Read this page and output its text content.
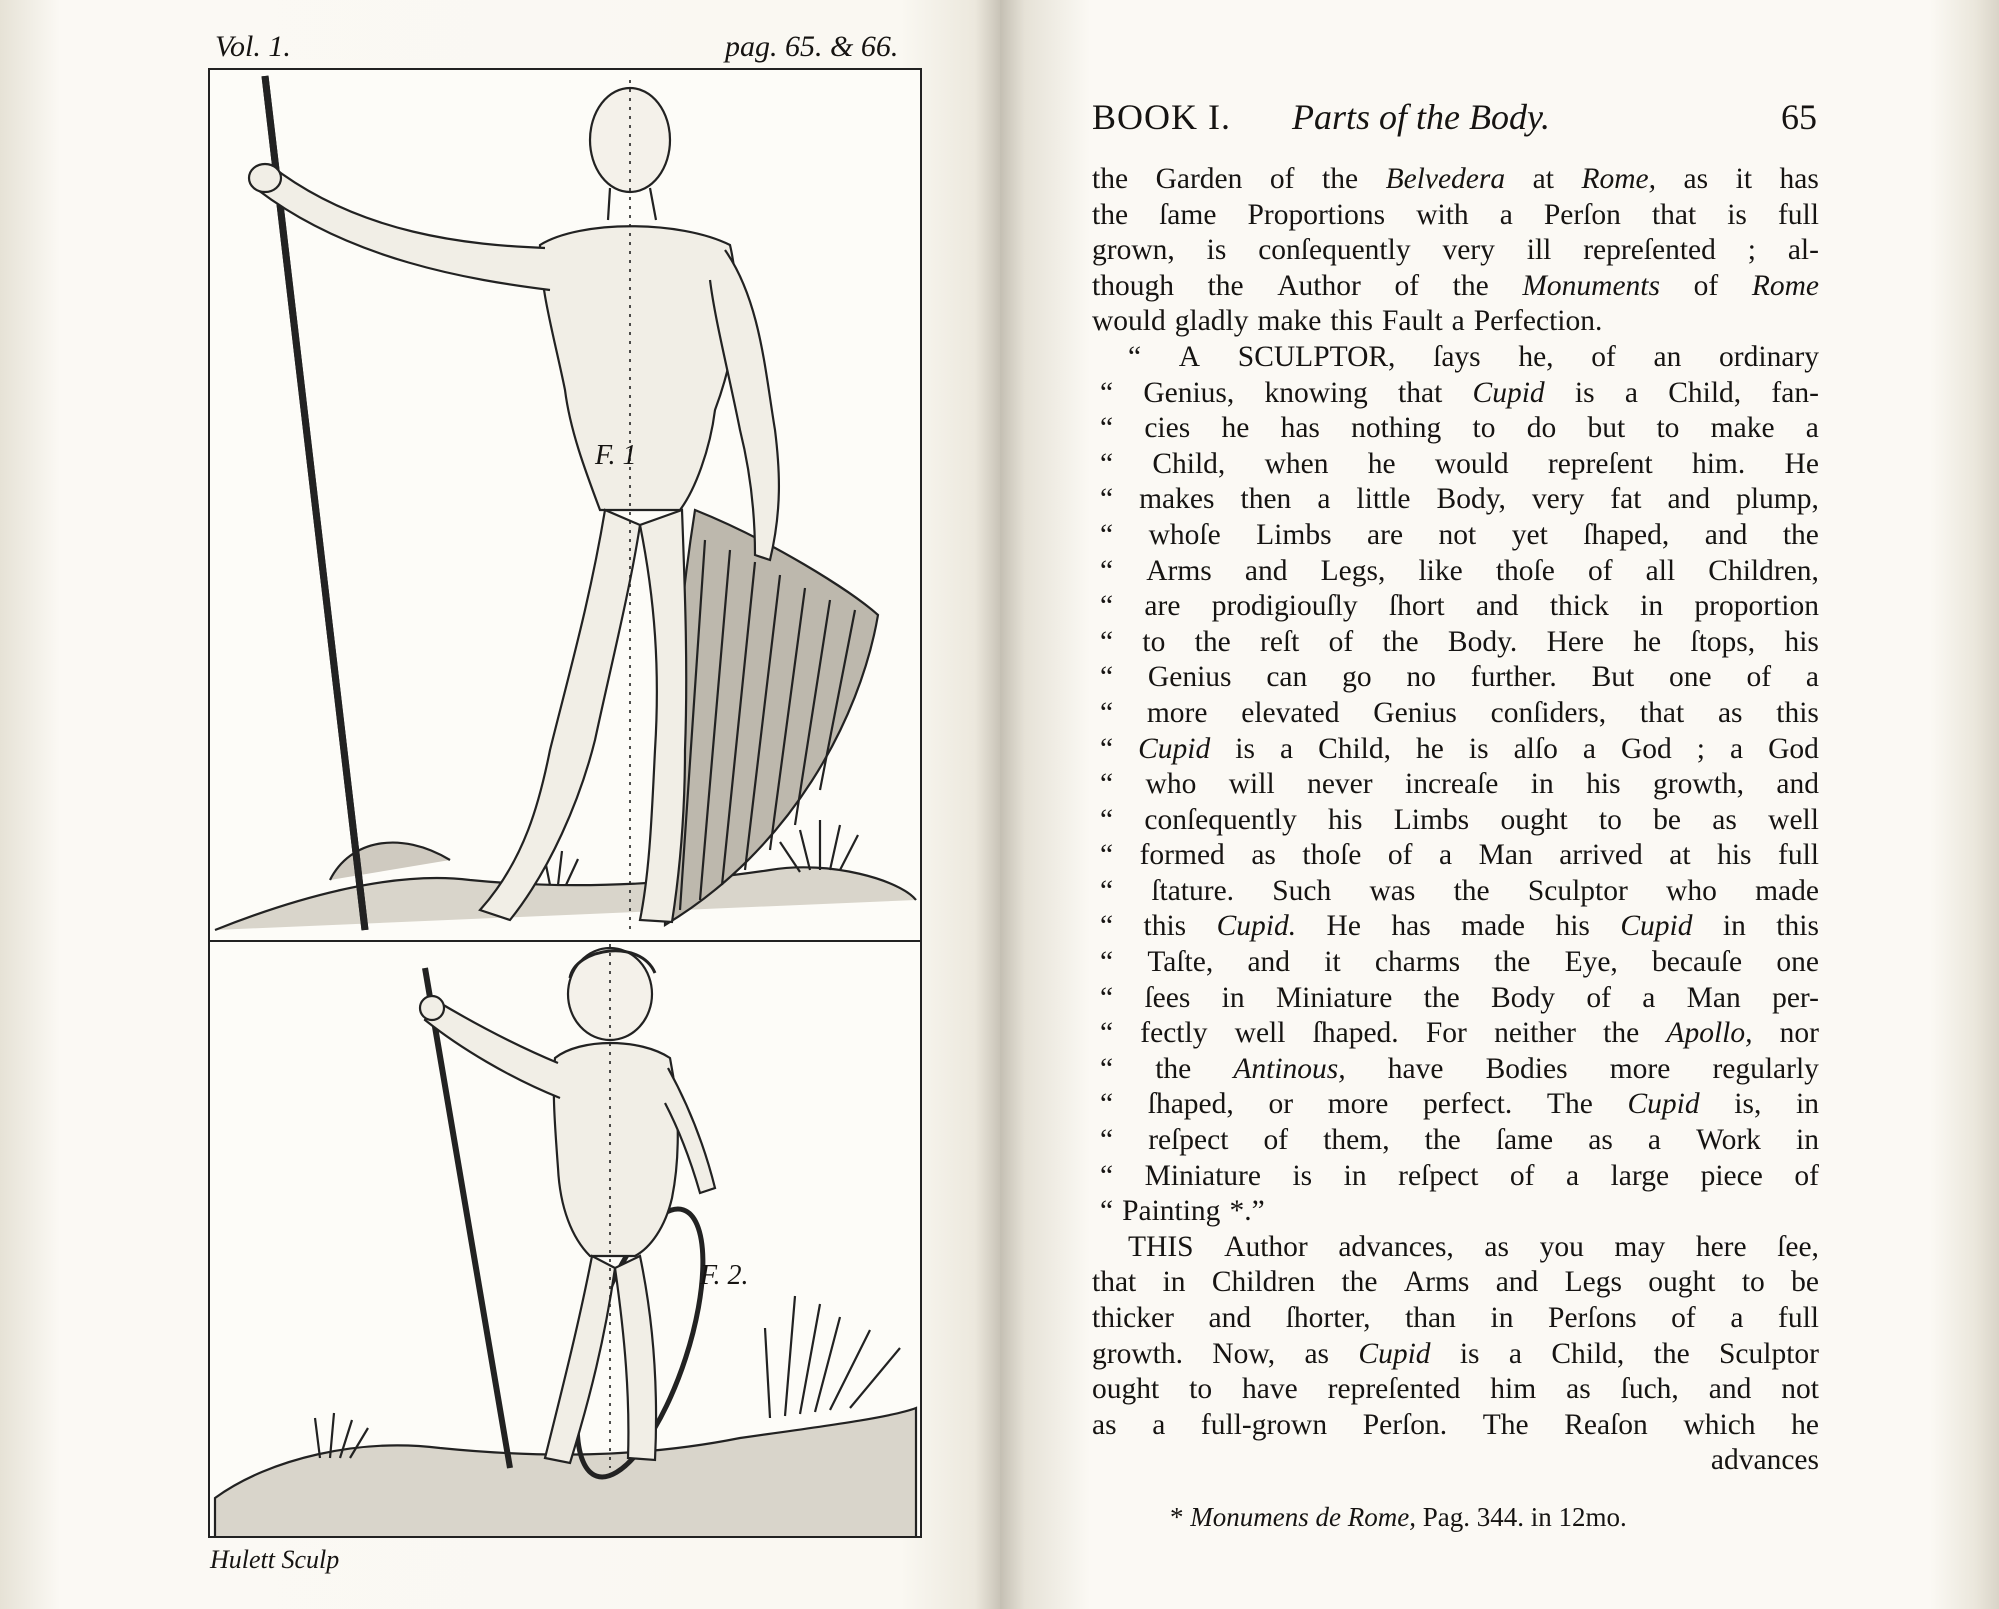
Vol. 1.	pag. 65. & 66.
F. 1
F. 2.
Hulett Sculp
BOOK I. Parts of the Body.	65
the Garden of the Belvedera at Rome, as it has
the ſame Proportions with a Perſon that is full
grown, is conſequently very ill repreſented ; al-
though the Author of the Monuments of Rome
would gladly make this Fault a Perfection.
“ A SCULPTOR, ſays he, of an ordinary
“ Genius, knowing that Cupid is a Child, fan-
“ cies he has nothing to do but to make a
“ Child, when he would repreſent him. He
“ makes then a little Body, very fat and plump,
“ whoſe Limbs are not yet ſhaped, and the
“ Arms and Legs, like thoſe of all Children,
“ are prodigiouſly ſhort and thick in proportion
“ to the reſt of the Body. Here he ſtops, his
“ Genius can go no further. But one of a
“ more elevated Genius conſiders, that as this
“ Cupid is a Child, he is alſo a God ; a God
“ who will never increaſe in his growth, and
“ conſequently his Limbs ought to be as well
“ formed as thoſe of a Man arrived at his full
“ ſtature. Such was the Sculptor who made
“ this Cupid. He has made his Cupid in this
“ Taſte, and it charms the Eye, becauſe one
“ ſees in Miniature the Body of a Man per-
“ fectly well ſhaped. For neither the Apollo, nor
“ the Antinous, have Bodies more regularly
“ ſhaped, or more perfect. The Cupid is, in
“ reſpect of them, the ſame as a Work in
“ Miniature is in reſpect of a large piece of
“ Painting *.”
THIS Author advances, as you may here ſee,
that in Children the Arms and Legs ought to be
thicker and ſhorter, than in Perſons of a full
growth. Now, as Cupid is a Child, the Sculptor
ought to have repreſented him as ſuch, and not
as a full-grown Perſon. The Reaſon which he
advances
* Monumens de Rome, Pag. 344. in 12mo.
